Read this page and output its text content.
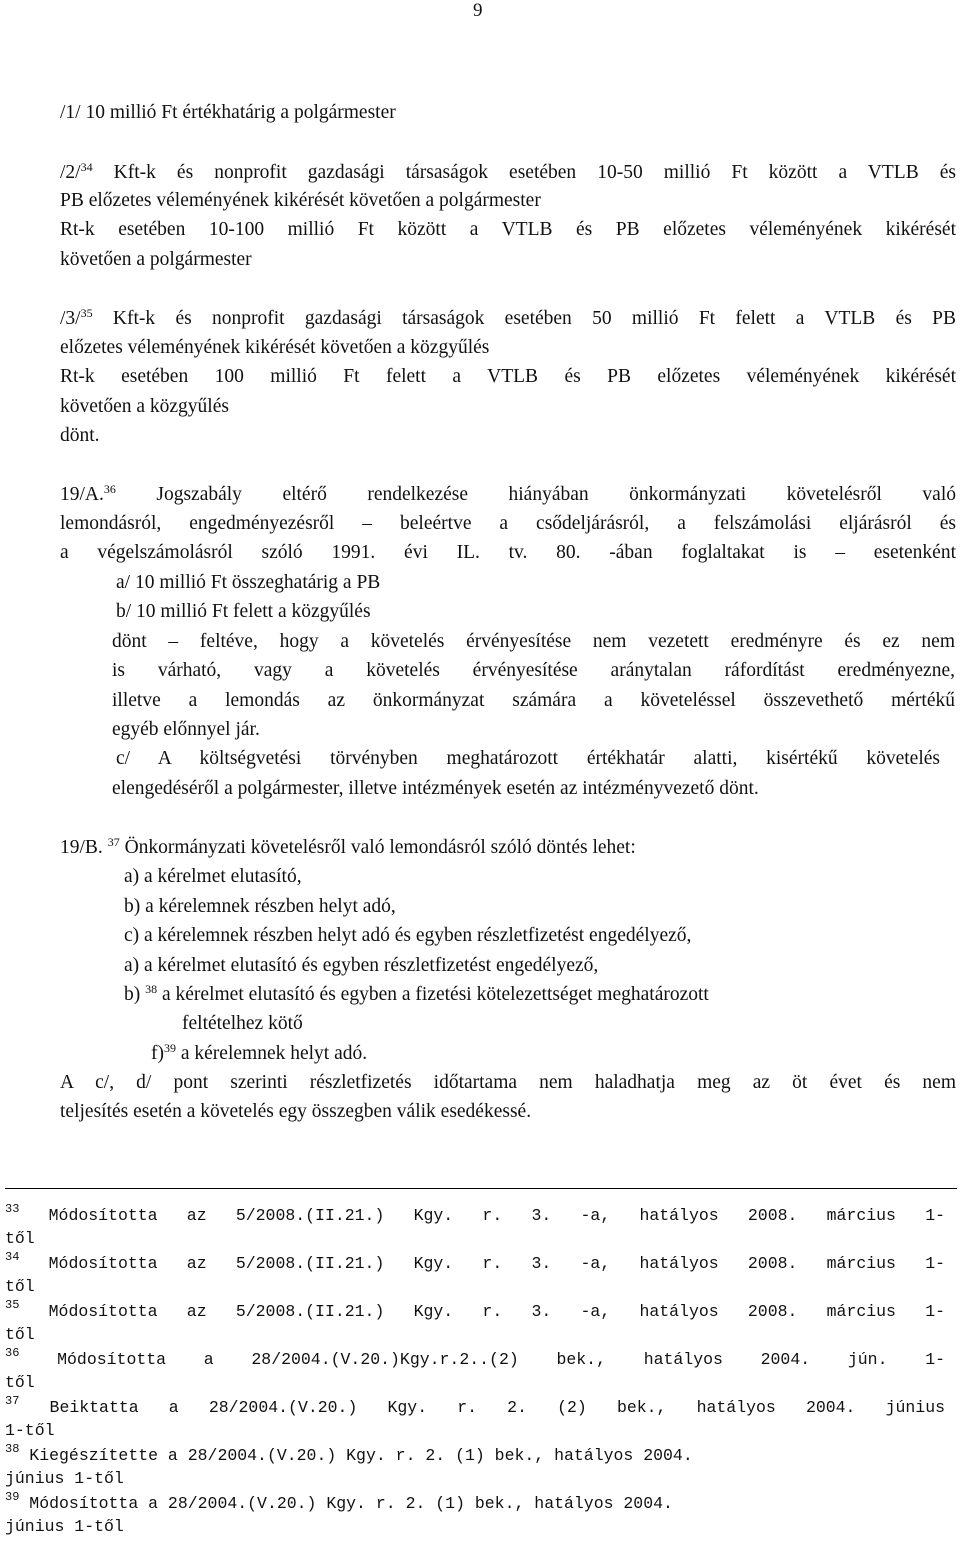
9
/1/ 10 millió Ft értékhatárig a polgármester
/2/$^{34}$ Kft-k és nonprofit gazdasági társaságok esetében 10-50 millió Ft között a VTLB és
PB előzetes véleményének kikérését követően a polgármester
Rt-k esetében 10-100 millió Ft között a VTLB és PB előzetes véleményének kikérését
követően a polgármester
/3/$^{35}$ Kft-k és nonprofit gazdasági társaságok esetében 50 millió Ft felett a VTLB és PB
előzetes véleményének kikérését követően a közgyűlés
Rt-k esetében 100 millió Ft felett a VTLB és PB előzetes véleményének kikérését
követően a közgyűlés
dönt.
19/A.$^{36}$ Jogszabály eltérő rendelkezése hiányában önkormányzati követelésről való
lemondásról, engedményezésről – beleértve a csődeljárásról, a felszámolási eljárásról és
a végelszámolásról szóló 1991. évi IL. tv. 80. -ában foglaltakat is – esetenként
a/ 10 millió Ft összeghatárig a PB
b/ 10 millió Ft felett a közgyűlés
dönt – feltéve, hogy a követelés érvényesítése nem vezetett eredményre és ez nem
is várható, vagy a követelés érvényesítése aránytalan ráfordítást eredményezne,
illetve a lemondás az önkormányzat számára a követeléssel összevethető mértékű
egyéb előnnyel jár.
c/ A költségvetési törvényben meghatározott értékhatár alatti, kisértékű követelés
elengedéséről a polgármester, illetve intézmények esetén az intézményvezető dönt.
19/B. $^{37}$ Önkormányzati követelésről való lemondásról szóló döntés lehet:
a) a kérelmet elutasító,
b) a kérelemnek részben helyt adó,
c) a kérelemnek részben helyt adó és egyben részletfizetést engedélyező,
a) a kérelmet elutasító és egyben részletfizetést engedélyező,
b) $^{38}$ a kérelmet elutasító és egyben a fizetési kötelezettséget meghatározott
feltételhez kötő
f)$^{39}$ a kérelemnek helyt adó.
A c/, d/ pont szerinti részletfizetés időtartama nem haladhatja meg az öt évet és nem
teljesítés esetén a követelés egy összegben válik esedékessé.
$^{33}$ Módosította az 5/2008.(II.21.) Kgy. r. 3. -a, hatályos 2008. március 1-
től
$^{34}$ Módosította az 5/2008.(II.21.) Kgy. r. 3. -a, hatályos 2008. március 1-
től
$^{35}$ Módosította az 5/2008.(II.21.) Kgy. r. 3. -a, hatályos 2008. március 1-
től
$^{36}$ Módosította a 28/2004.(V.20.)Kgy.r.2..(2) bek., hatályos 2004. jún. 1-
től
$^{37}$ Beiktatta a 28/2004.(V.20.) Kgy. r. 2. (2) bek., hatályos 2004. június
1-től
$^{38}$ Kiegészítette a 28/2004.(V.20.) Kgy. r. 2. (1) bek., hatályos 2004.
június 1-től
$^{39}$ Módosította a 28/2004.(V.20.) Kgy. r. 2. (1) bek., hatályos 2004.
június 1-től
